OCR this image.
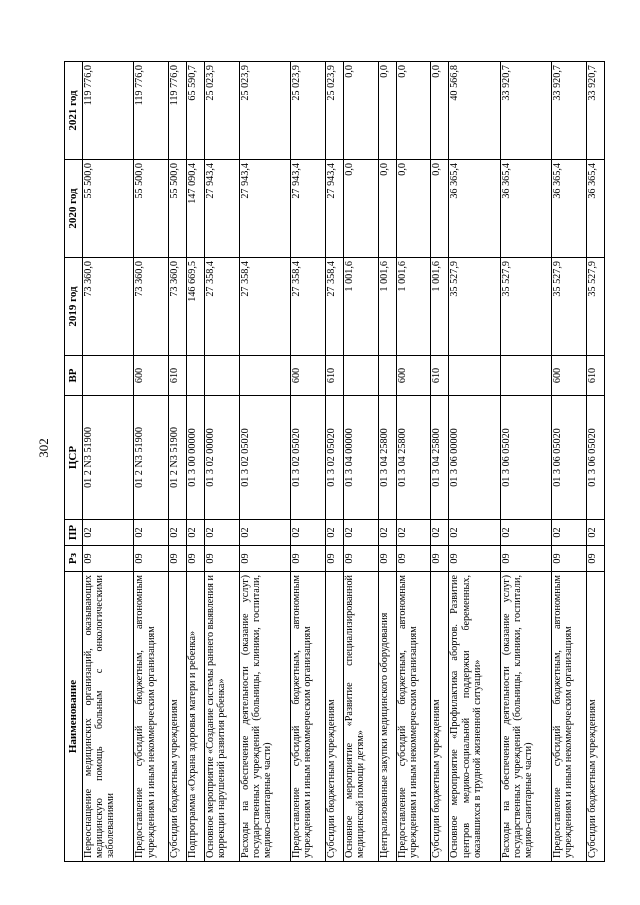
302
Наименование	Рз	ПР	ЦСР	ВР	2019 год	2020 год	2021 год
Переоснащение медицинских организаций, оказывающих медицинскую помощь больным с онкологическими заболеваниями	09	02	01 2 N3 51900		73 360,0	55 500,0	119 776,0
Предоставление субсидий бюджетным, автономным учреждениям и иным некоммерческим организациям	09	02	01 2 N3 51900	600	73 360,0	55 500,0	119 776,0
Субсидии бюджетным учреждениям	09	02	01 2 N3 51900	610	73 360,0	55 500,0	119 776,0
Подпрограмма «Охрана здоровья матери и ребенка»	09	02	01 3 00 00000		146 669,5	147 090,4	65 590,7
Основное мероприятие «Создание системы раннего выявления и коррекции нарушений развития ребенка»	09	02	01 3 02 00000		27 358,4	27 943,4	25 023,9
Расходы на обеспечение деятельности (оказание услуг) государственных учреждений (больницы, клиники, госпитали, медико-санитарные части)	09	02	01 3 02 05020		27 358,4	27 943,4	25 023,9
Предоставление субсидий бюджетным, автономным учреждениям и иным некоммерческим организациям	09	02	01 3 02 05020	600	27 358,4	27 943,4	25 023,9
Субсидии бюджетным учреждениям	09	02	01 3 02 05020	610	27 358,4	27 943,4	25 023,9
Основное мероприятие «Развитие специализированной медицинской помощи детям»	09	02	01 3 04 00000		1 001,6	0,0	0,0
Централизованные закупки медицинского оборудования	09	02	01 3 04 25800		1 001,6	0,0	0,0
Предоставление субсидий бюджетным, автономным учреждениям и иным некоммерческим организациям	09	02	01 3 04 25800	600	1 001,6	0,0	0,0
Субсидии бюджетным учреждениям	09	02	01 3 04 25800	610	1 001,6	0,0	0,0
Основное мероприятие «Профилактика абортов. Развитие центров медико-социальной поддержки беременных, оказавшихся в трудной жизненной ситуации»	09	02	01 3 06 00000		35 527,9	36 365,4	40 566,8
Расходы на обеспечение деятельности (оказание услуг) государственных учреждений (больницы, клиники, госпитали, медико-санитарные части)	09	02	01 3 06 05020		35 527,9	36 365,4	33 920,7
Предоставление субсидий бюджетным, автономным учреждениям и иным некоммерческим организациям	09	02	01 3 06 05020	600	35 527,9	36 365,4	33 920,7
Субсидии бюджетным учреждениям	09	02	01 3 06 05020	610	35 527,9	36 365,4	33 920,7
